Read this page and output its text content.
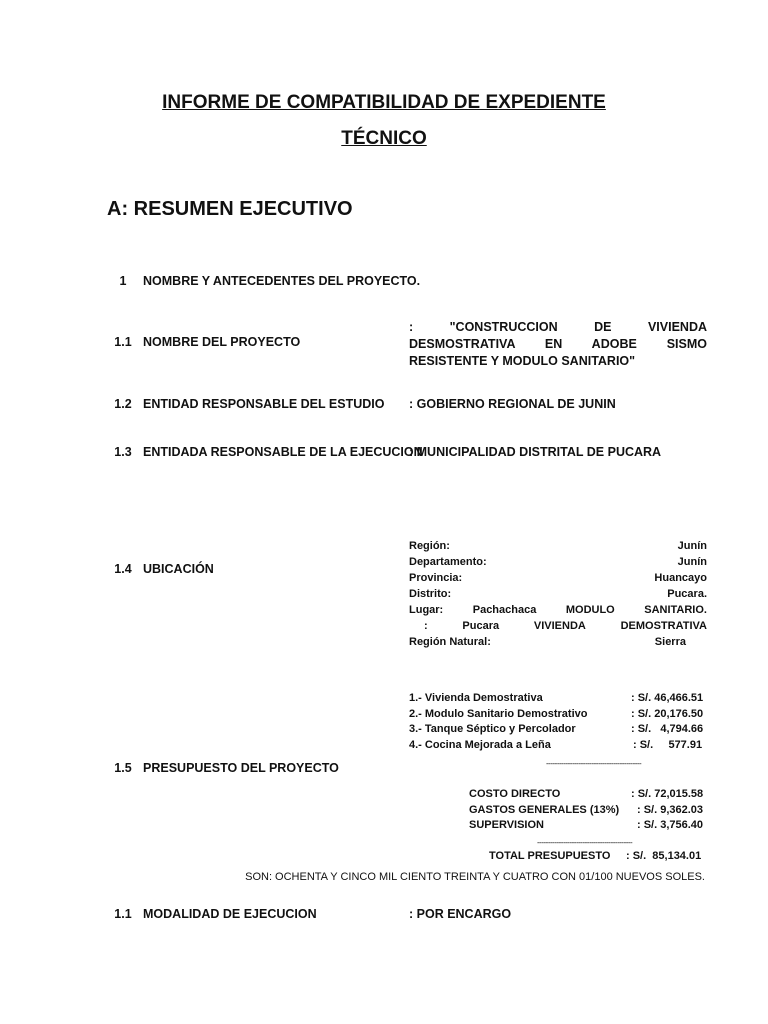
INFORME DE COMPATIBILIDAD DE EXPEDIENTE
TÉCNICO
A: RESUMEN EJECUTIVO
1	NOMBRE Y ANTECEDENTES DEL PROYECTO.
1.1 NOMBRE DEL PROYECTO
: "CONSTRUCCION DE VIVIENDA DESMOSTRATIVA EN ADOBE SISMO RESISTENTE Y MODULO SANITARIO"
1.2 ENTIDAD RESPONSABLE DEL ESTUDIO : GOBIERNO REGIONAL DE JUNIN
1.3 ENTIDADA RESPONSABLE DE LA EJECUCION
: MUNICIPALIDAD DISTRITAL DE PUCARA
1.4 UBICACIÓN
Región:	Junín
Departamento:	Junín
Provincia:	Huancayo
Distrito:	Pucara.
Lugar:	Pachachaca	MODULO	SANITARIO.
:	Pucara	VIVIENDA	DEMOSTRATIVA
Región Natural:	Sierra
1.5 PRESUPUESTO DEL PROYECTO
1.- Vivienda Demostrativa	: S/. 46,466.51
2.- Modulo Sanitario Demostrativo	: S/. 20,176.50
3.- Tanque Séptico y Percolador	: S/.   4,794.66
4.- Cocina Mejorada a Leña	: S/.     577.91
--------------------------------------------
COSTO DIRECTO	: S/. 72,015.58
GASTOS GENERALES (13%) : S/. 9,362.03
SUPERVISION	: S/. 3,756.40
--------------------------------------------
TOTAL PRESUPUESTO : S/.  85,134.01
SON: OCHENTA Y CINCO MIL CIENTO TREINTA Y CUATRO CON 01/100 NUEVOS SOLES.
1.1 MODALIDAD DE EJECUCION	: POR ENCARGO
